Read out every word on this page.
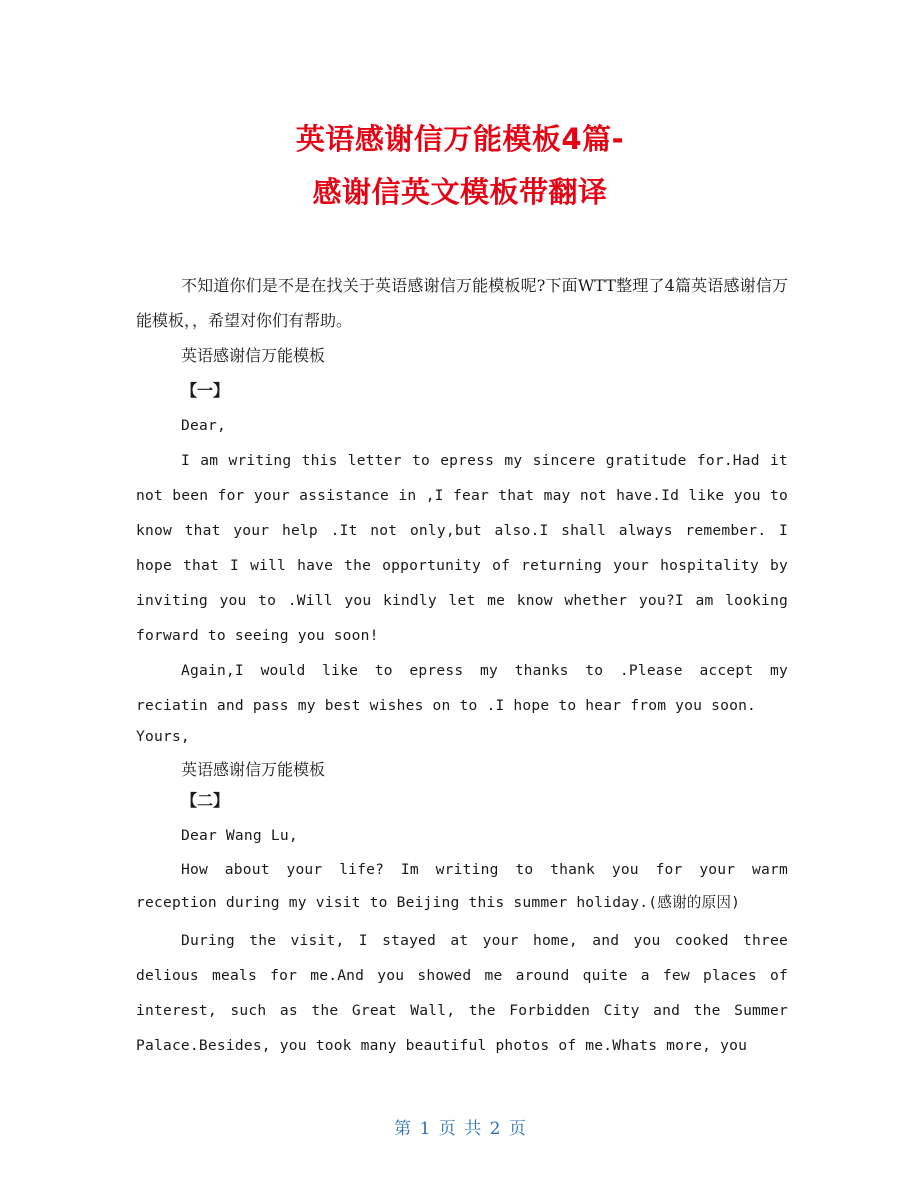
英语感谢信万能模板4篇-
感谢信英文模板带翻译

不知道你们是不是在找关于英语感谢信万能模板呢?下面WTT整理了4篇英语感谢信万能模板，，希望对你们有帮助。

英语感谢信万能模板

【一】

Dear,

I am writing this letter to epress my sincere gratitude for.Had it not been for your assistance in ,I fear that may not have.Id like you to know that your help .It not only,but also.I shall always remember. I hope that I will have the opportunity of returning your hospitality by inviting you to .Will you kindly let me know whether you?I am looking forward to seeing you soon!

Again,I would like to epress my thanks to .Please accept my reciatin and pass my best wishes on to .I hope to hear from you soon.

Yours,

英语感谢信万能模板

【二】

Dear Wang Lu,

How about your life? Im writing to thank you for your warm reception during my visit to Beijing this summer holiday.(感谢的原因)

During the visit, I stayed at your home, and you cooked three delious meals for me.And you showed me around quite a few places of interest, such as the Great Wall, the Forbidden City and the Summer Palace.Besides, you took many beautiful photos of me.Whats more, you

第 1 页 共 2 页
